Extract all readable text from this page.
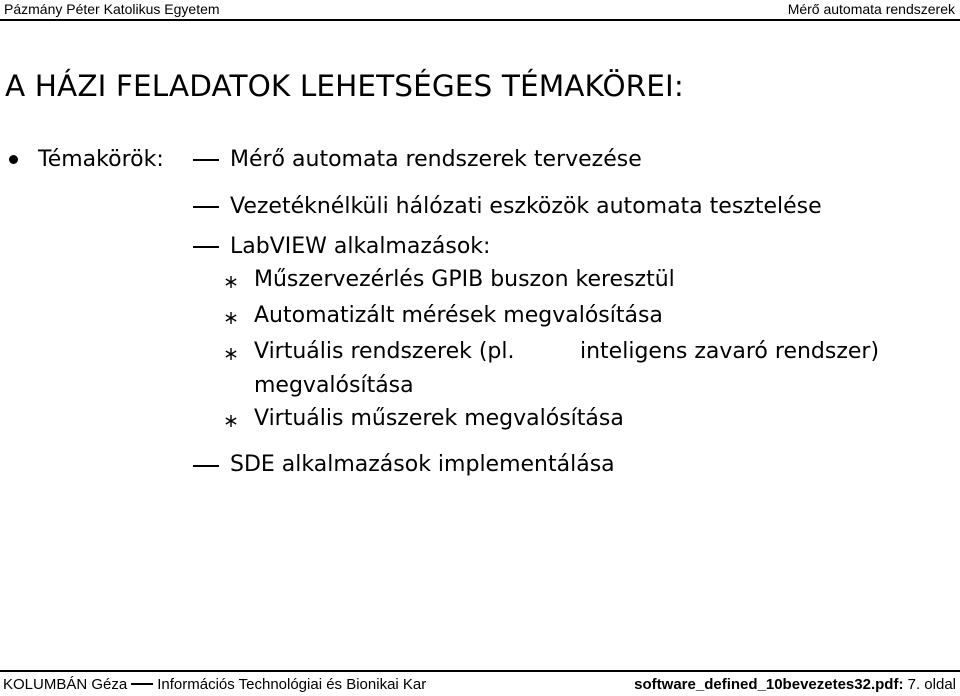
Pázmány Péter Katolikus Egyetem	Mérő automata rendszerek
A HÁZI FELADATOK LEHETSÉGES TÉMAKÖREI:
Témakörök:	Mérő automata rendszerek tervezése
Vezetéknélküli hálózati eszközök automata tesztelése
LabVIEW alkalmazások:
Műszervezérlés GPIB buszon keresztül
Automatizált mérések megvalósítása
Virtuális rendszerek (pl.	inteligens zavaró rendszer)
megvalósítása
Virtuális műszerek megvalósítása
SDE alkalmazások implementálása
KOLUMBÁN Géza Információs Technológiai és Bionikai Kar	software_defined_10bevezetes32.pdf: 7. oldal
